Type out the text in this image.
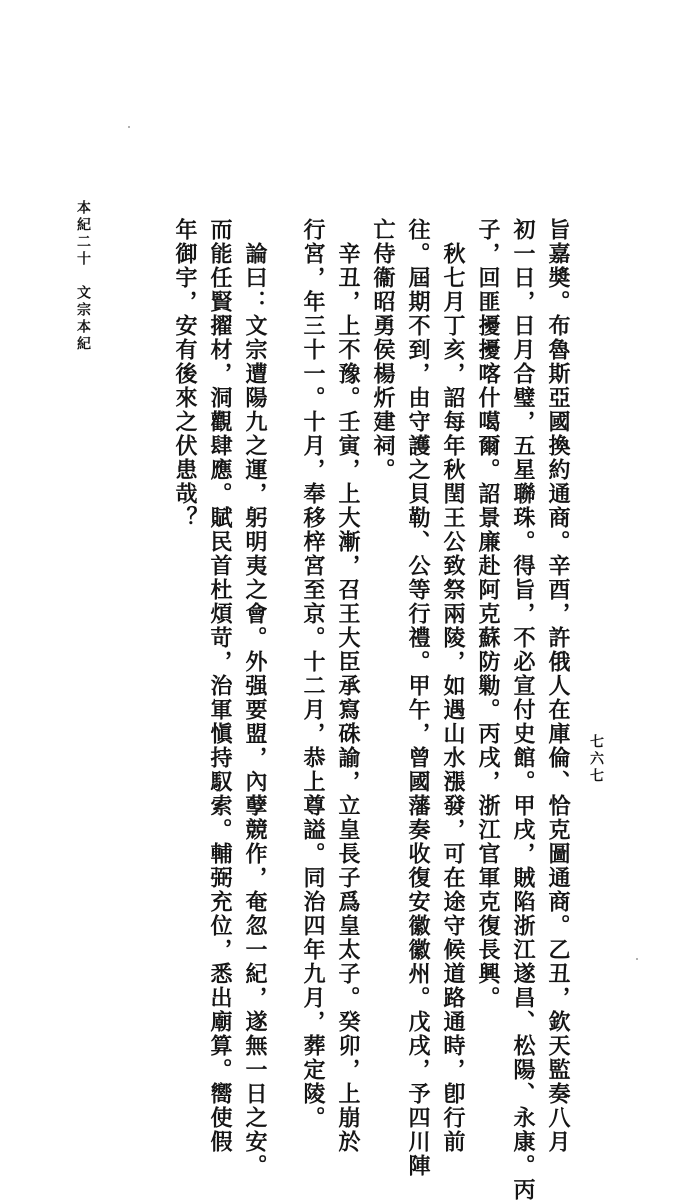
旨嘉奬。布魯斯亞國換約通商。辛酉，許俄人在庫倫、恰克圖通商。乙丑，欽天監奏八月
初一日，日月合璧，五星聯珠。得旨，不必宣付史館。甲戌，賊陷浙江遂昌、松陽、永康。丙
子，回匪擾擾喀什噶爾。詔景廉赴阿克蘇防勦。丙戌，浙江官軍克復長興。
秋七月丁亥，詔每年秋閏王公致祭兩陵，如遇山水漲發，可在途守候道路通時，卽行前
往。屆期不到，由守護之貝勒、公等行禮。甲午，曾國藩奏收復安徽徽州。戊戌，予四川陣
亡侍衞昭勇侯楊炘建祠。
辛丑，上不豫。壬寅，上大漸，召王大臣承寫硃諭，立皇長子爲皇太子。癸卯，上崩於
行宮，年三十一。十月，奉移梓宮至京。十二月，恭上尊謚。同治四年九月，葬定陵。
論曰：文宗遭陽九之運，躬明夷之會。外强要盟，內孽競作，奄忽一紀，遂無一日之安。
而能任賢擢材，洞觀肆應。賦民首杜煩苛，治軍愼持馭索。輔弼充位，悉出廟算。嚮使假
年御宇，安有後來之伏患哉？
本紀二十　文宗本紀
七六七
